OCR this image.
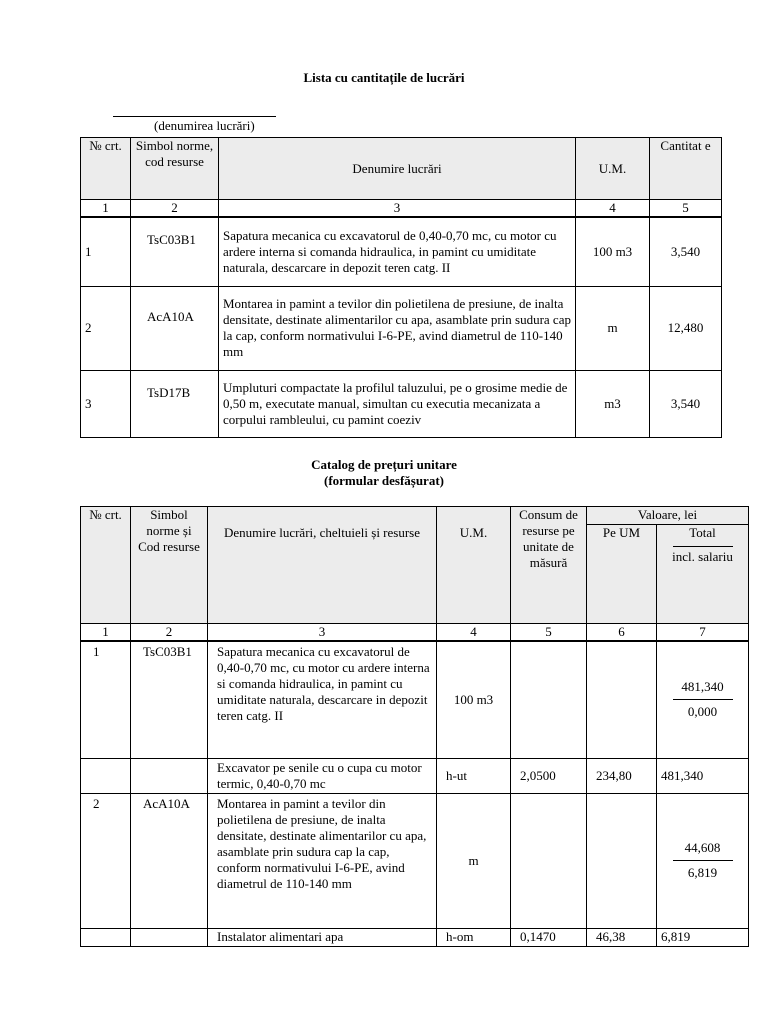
Lista cu cantitațile de lucrări
(denumirea lucrări)
№ crt.	Simbol norme, cod resurse	Denumire lucrări	U.M.	Cantitat e
1	2	3	4	5
1	TsC03B1	Sapatura mecanica cu excavatorul de 0,40-0,70 mc, cu motor cu ardere interna si comanda hidraulica, in pamint cu umiditate naturala, descarcare in depozit teren catg. II	100 m3	3,540
2	AcA10A	Montarea in pamint a tevilor din polietilena de presiune, de inalta densitate, destinate alimentarilor cu apa, asamblate prin sudura cap la cap, conform normativului I-6-PE, avind diametrul de 110-140 mm	m	12,480
3	TsD17B	Umpluturi compactate la profilul taluzului, pe o grosime medie de 0,50 m, executate manual, simultan cu executia mecanizata a corpului rambleului, cu pamint coeziv	m3	3,540
Catalog de prețuri unitare
(formular desfășurat)
№ crt.	Simbol norme și Cod resurse	Denumire lucrări, cheltuieli și resurse	U.M.	Consum de resurse pe unitate de măsură	Valoare, lei	
					Pe UM	$\frac{\text{Total}}{\text{incl. salariu}}$
1	2	3	4	5	6	7
1	TsC03B1	Sapatura mecanica cu excavatorul de 0,40-0,70 mc, cu motor cu ardere interna si comanda hidraulica, in pamint cu umiditate naturala, descarcare in depozit teren catg. II	100 m3			$\frac{481,340}{0,000}$
		Excavator pe senile cu o cupa cu motor termic, 0,40-0,70 mc	h-ut	2,0500	234,80	481,340
2	AcA10A	Montarea in pamint a tevilor din polietilena de presiune, de inalta densitate, destinate alimentarilor cu apa, asamblate prin sudura cap la cap, conform normativului I-6-PE, avind diametrul de 110-140 mm	m			$\frac{44,608}{6,819}$
		Instalator alimentari apa	h-om	0,1470	46,38	6,819
